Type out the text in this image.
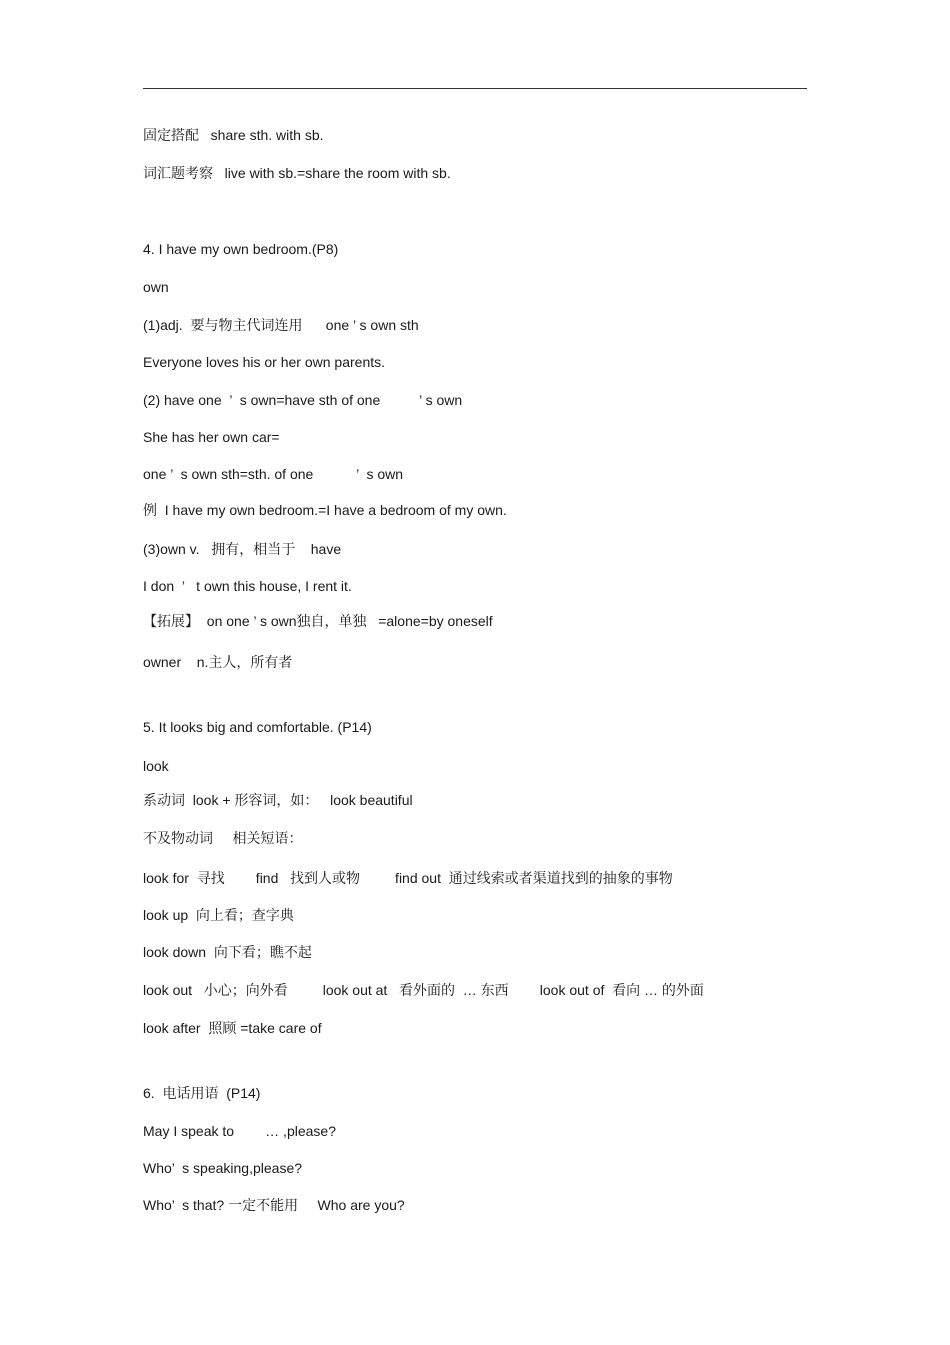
固定搭配   share sth. with sb.
词汇题考察   live with sb.=share the room with sb.
4. I have my own bedroom.(P8)
own
(1)adj.  要与物主代词连用      one ’ s own sth
Everyone loves his or her own parents.
(2) have one  ’  s own=have sth of one          ’ s own
She has her own car=
one ’  s own sth=sth. of one           ’  s own
例  I have my own bedroom.=I have a bedroom of my own.
(3)own v.   拥有，相当于    have
I don  ’   t own this house, I rent it.
【拓展】  on one ’ s own独自，单独   =alone=by oneself
owner    n.主人，所有者
5. It looks big and comfortable. (P14)
look
系动词  look + 形容词，如：   look beautiful
不及物动词     相关短语：
look for  寻找        find   找到人或物         find out  通过线索或者渠道找到的抽象的事物
look up  向上看；查字典
look down  向下看；瞧不起
look out   小心；向外看         look out at   看外面的  … 东西        look out of  看向 … 的外面
look after  照顾 =take care of
6.  电话用语  (P14)
May I speak to        … ,please?
Who’  s speaking,please?
Who’  s that? 一定不能用     Who are you?
